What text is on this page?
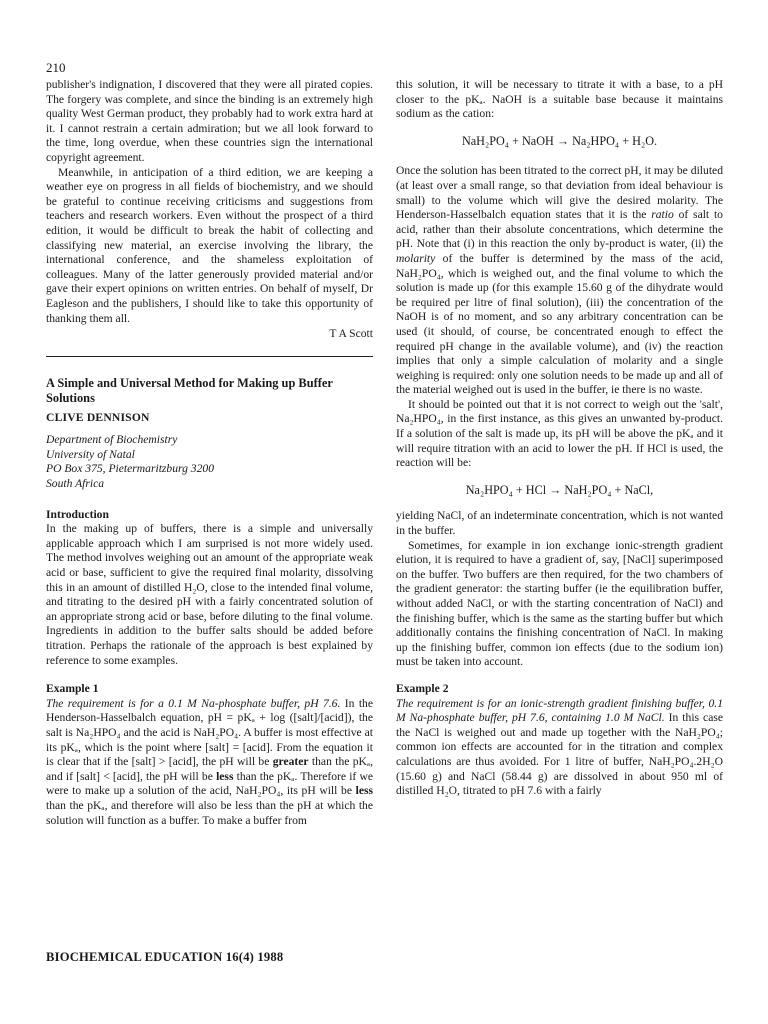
210

publisher's indignation, I discovered that they were all pirated copies. The forgery was complete, and since the binding is an extremely high quality West German product, they probably had to work extra hard at it. I cannot restrain a certain admiration; but we all look forward to the time, long overdue, when these countries sign the international copyright agreement.

Meanwhile, in anticipation of a third edition, we are keeping a weather eye on progress in all fields of biochemistry, and we should be grateful to continue receiving criticisms and suggestions from teachers and research workers. Even without the prospect of a third edition, it would be difficult to break the habit of collecting and classifying new material, an exercise involving the library, the international conference, and the shameless exploitation of colleagues. Many of the latter generously provided material and/or gave their expert opinions on written entries. On behalf of myself, Dr Eagleson and the publishers, I should like to take this opportunity of thanking them all.

T A Scott
A Simple and Universal Method for Making up Buffer Solutions
CLIVE DENNISON
Department of Biochemistry
University of Natal
PO Box 375, Pietermaritzburg 3200
South Africa
Introduction

In the making up of buffers, there is a simple and universally applicable approach which I am surprised is not more widely used. The method involves weighing out an amount of the appropriate weak acid or base, sufficient to give the required final molarity, dissolving this in an amount of distilled H₂O, close to the intended final volume, and titrating to the desired pH with a fairly concentrated solution of an appropriate strong acid or base, before diluting to the final volume. Ingredients in addition to the buffer salts should be added before titration. Perhaps the rationale of the approach is best explained by reference to some examples.

Example 1

The requirement is for a 0.1 M Na-phosphate buffer, pH 7.6. In the Henderson-Hasselbalch equation, pH = pKₐ + log ([salt]/[acid]), the salt is Na₂HPO₄ and the acid is NaH₂PO₄. A buffer is most effective at its pKₐ, which is the point where [salt] = [acid]. From the equation it is clear that if the [salt] > [acid], the pH will be greater than the pKₐ, and if [salt] < [acid], the pH will be less than the pKₐ. Therefore if we were to make up a solution of the acid, NaH₂PO₄, its pH will be less than the pKₐ, and therefore will also be less than the pH at which the solution will function as a buffer. To make a buffer from

this solution, it will be necessary to titrate it with a base, to a pH closer to the pKₐ. NaOH is a suitable base because it maintains sodium as the cation:

NaH₂PO₄ + NaOH → Na₂HPO₄ + H₂O.

Once the solution has been titrated to the correct pH, it may be diluted (at least over a small range, so that deviation from ideal behaviour is small) to the volume which will give the desired molarity. The Henderson-Hasselbalch equation states that it is the ratio of salt to acid, rather than their absolute concentrations, which determine the pH. Note that (i) in this reaction the only by-product is water, (ii) the molarity of the buffer is determined by the mass of the acid, NaH₂PO₄, which is weighed out, and the final volume to which the solution is made up (for this example 15.60 g of the dihydrate would be required per litre of final solution), (iii) the concentration of the NaOH is of no moment, and so any arbitrary concentration can be used (it should, of course, be concentrated enough to effect the required pH change in the available volume), and (iv) the reaction implies that only a simple calculation of molarity and a single weighing is required: only one solution needs to be made up and all of the material weighed out is used in the buffer, ie there is no waste.

It should be pointed out that it is not correct to weigh out the 'salt', Na₂HPO₄, in the first instance, as this gives an unwanted by-product. If a solution of the salt is made up, its pH will be above the pKₐ and it will require titration with an acid to lower the pH. If HCl is used, the reaction will be:

Na₂HPO₄ + HCl → NaH₂PO₄ + NaCl,

yielding NaCl, of an indeterminate concentration, which is not wanted in the buffer.

Sometimes, for example in ion exchange ionic-strength gradient elution, it is required to have a gradient of, say, [NaCl] superimposed on the buffer. Two buffers are then required, for the two chambers of the gradient generator: the starting buffer (ie the equilibration buffer, without added NaCl, or with the starting concentration of NaCl) and the finishing buffer, which is the same as the starting buffer but which additionally contains the finishing concentration of NaCl. In making up the finishing buffer, common ion effects (due to the sodium ion) must be taken into account.

Example 2

The requirement is for an ionic-strength gradient finishing buffer, 0.1 M Na-phosphate buffer, pH 7.6, containing 1.0 M NaCl. In this case the NaCl is weighed out and made up together with the NaH₂PO₄; common ion effects are accounted for in the titration and complex calculations are thus avoided. For 1 litre of buffer, NaH₂PO₄.2H₂O (15.60 g) and NaCl (58.44 g) are dissolved in about 950 ml of distilled H₂O, titrated to pH 7.6 with a fairly

BIOCHEMICAL EDUCATION 16(4) 1988
